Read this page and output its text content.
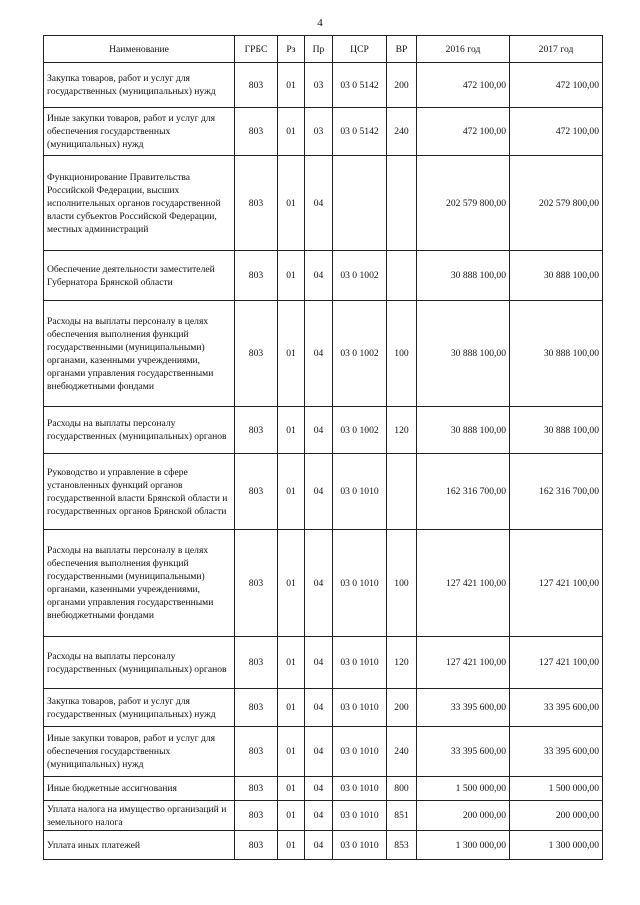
4
Наименование	ГРБС	Рз	Пр	ЦСР	ВР	2016 год	2017 год
Закупка товаров, работ и услуг для государственных (муниципальных) нужд	803	01	03	03 0 5142	200	472 100,00	472 100,00
Иные закупки товаров, работ и услуг для обеспечения государственных (муниципальных) нужд	803	01	03	03 0 5142	240	472 100,00	472 100,00
Функционирование Правительства Российской Федерации, высших исполнительных органов государственной власти субъектов Российской Федерации, местных администраций	803	01	04			202 579 800,00	202 579 800,00
Обеспечение деятельности заместителей Губернатора Брянской области	803	01	04	03 0 1002		30 888 100,00	30 888 100,00
Расходы на выплаты персоналу в целях обеспечения выполнения функций государственными (муниципальными) органами, казенными учреждениями, органами управления государственными внебюджетными фондами	803	01	04	03 0 1002	100	30 888 100,00	30 888 100,00
Расходы на выплаты персоналу государственных (муниципальных) органов	803	01	04	03 0 1002	120	30 888 100,00	30 888 100,00
Руководство и управление в сфере установленных функций органов государственной власти Брянской области и государственных органов Брянской области	803	01	04	03 0 1010		162 316 700,00	162 316 700,00
Расходы на выплаты персоналу в целях обеспечения выполнения функций государственными (муниципальными) органами, казенными учреждениями, органами управления государственными внебюджетными фондами	803	01	04	03 0 1010	100	127 421 100,00	127 421 100,00
Расходы на выплаты персоналу государственных (муниципальных) органов	803	01	04	03 0 1010	120	127 421 100,00	127 421 100,00
Закупка товаров, работ и услуг для государственных (муниципальных) нужд	803	01	04	03 0 1010	200	33 395 600,00	33 395 600,00
Иные закупки товаров, работ и услуг для обеспечения государственных (муниципальных) нужд	803	01	04	03 0 1010	240	33 395 600,00	33 395 600,00
Иные бюджетные ассигнования	803	01	04	03 0 1010	800	1 500 000,00	1 500 000,00
Уплата налога на имущество организаций и земельного налога	803	01	04	03 0 1010	851	200 000,00	200 000,00
Уплата иных платежей	803	01	04	03 0 1010	853	1 300 000,00	1 300 000,00
